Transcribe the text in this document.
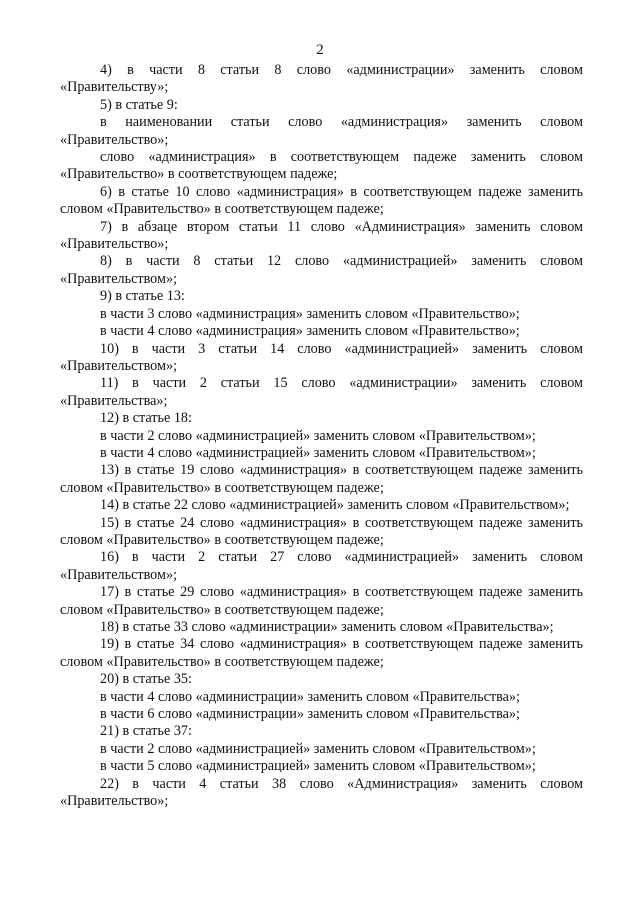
2

4) в части 8 статьи 8 слово «администрации» заменить словом «Правительству»;

5) в статье 9:

в наименовании статьи слово «администрация» заменить словом «Правительство»;

слово «администрация» в соответствующем падеже заменить словом «Правительство» в соответствующем падеже;

6) в статье 10 слово «администрация» в соответствующем падеже заменить словом «Правительство» в соответствующем падеже;

7) в абзаце втором статьи 11 слово «Администрация» заменить словом «Правительство»;

8) в части 8 статьи 12 слово «администрацией» заменить словом «Правительством»;

9) в статье 13:

в части 3 слово «администрация» заменить словом «Правительство»;

в части 4 слово «администрация» заменить словом «Правительство»;

10) в части 3 статьи 14 слово «администрацией» заменить словом «Правительством»;

11) в части 2 статьи 15 слово «администрации» заменить словом «Правительства»;

12) в статье 18:

в части 2 слово «администрацией» заменить словом «Правительством»;

в части 4 слово «администрацией» заменить словом «Правительством»;

13) в статье 19 слово «администрация» в соответствующем падеже заменить словом «Правительство» в соответствующем падеже;

14) в статье 22 слово «администрацией» заменить словом «Правительством»;

15) в статье 24 слово «администрация» в соответствующем падеже заменить словом «Правительство» в соответствующем падеже;

16) в части 2 статьи 27 слово «администрацией» заменить словом «Правительством»;

17) в статье 29 слово «администрация» в соответствующем падеже заменить словом «Правительство» в соответствующем падеже;

18) в статье 33 слово «администрации» заменить словом «Правительства»;

19) в статье 34 слово «администрация» в соответствующем падеже заменить словом «Правительство» в соответствующем падеже;

20) в статье 35:

в части 4 слово «администрации» заменить словом «Правительства»;

в части 6 слово «администрации» заменить словом «Правительства»;

21) в статье 37:

в части 2 слово «администрацией» заменить словом «Правительством»;

в части 5 слово «администрацией» заменить словом «Правительством»;

22) в части 4 статьи 38 слово «Администрация» заменить словом «Правительство»;
